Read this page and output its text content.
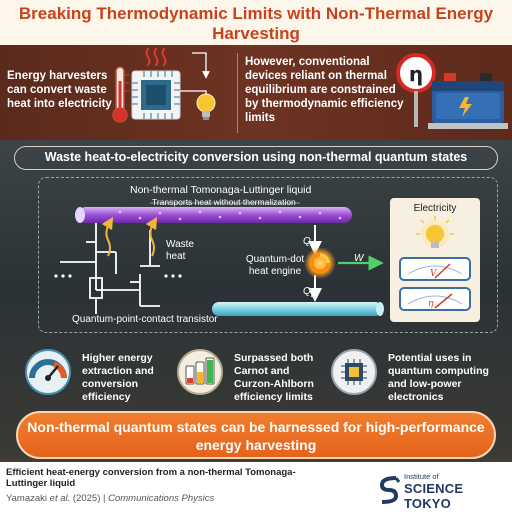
Breaking Thermodynamic Limits with Non-Thermal Energy Harvesting
Energy harvesters can convert waste heat into electricity
However, conventional devices reliant on thermal equilibrium are constrained by thermodynamic efficiency limits
η
Waste heat-to-electricity conversion using non-thermal quantum states
Non-thermal Tomonaga-Luttinger liquid
Transports heat without thermalization
Waste heat	Quantum-dot heat engine
Quantum-point-contact transistor
$Q_H$
$Q_L$
W
Electricity
V
η
Higher energy extraction and conversion efficiency
Surpassed both Carnot and Curzon-Ahlborn efficiency limits
Potential uses in quantum computing and low-power electronics
Non-thermal quantum states can be harnessed for high-performance energy harvesting
Efficient heat-energy conversion from a non-thermal Tomonaga-Luttinger liquid
Yamazaki et al. (2025) | Communications Physics
Institute of
SCIENCE TOKYO
